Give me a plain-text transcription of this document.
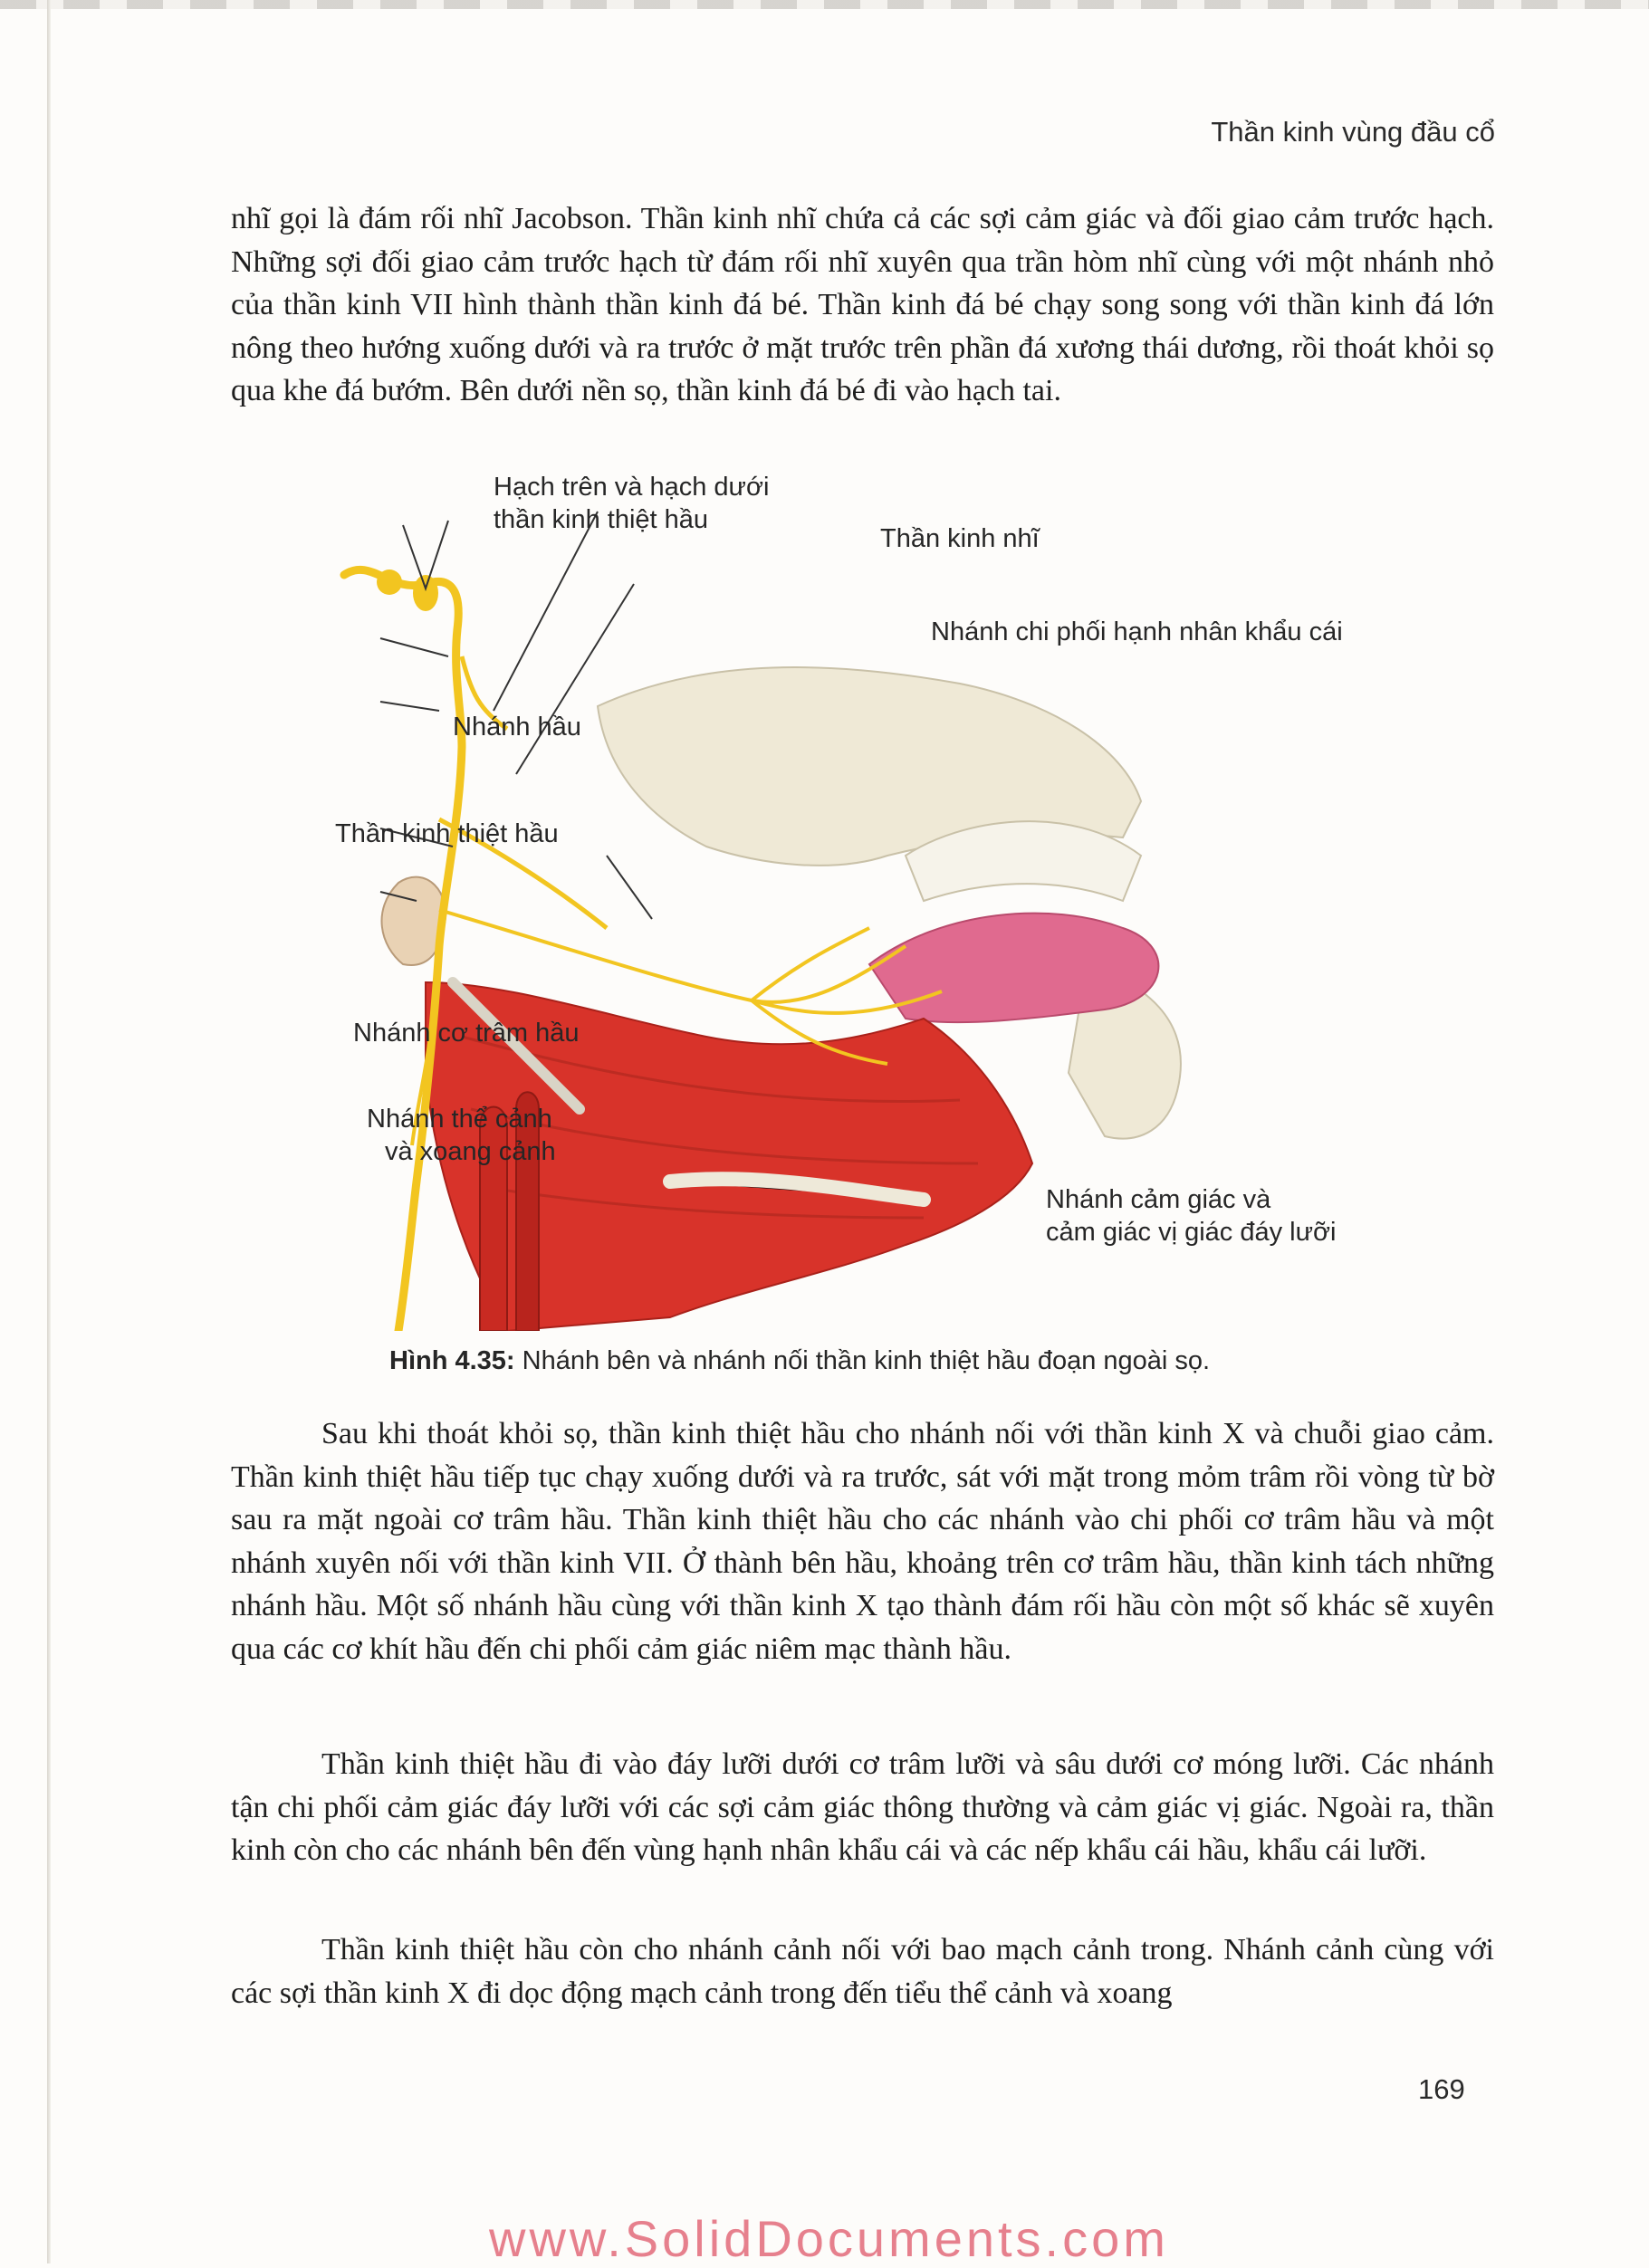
Thần kinh vùng đầu cổ

nhĩ gọi là đám rối nhĩ Jacobson. Thần kinh nhĩ chứa cả các sợi cảm giác và đối giao cảm trước hạch. Những sợi đối giao cảm trước hạch từ đám rối nhĩ xuyên qua trần hòm nhĩ cùng với một nhánh nhỏ của thần kinh VII hình thành thần kinh đá bé. Thần kinh đá bé chạy song song với thần kinh đá lớn nông theo hướng xuống dưới và ra trước ở mặt trước trên phần đá xương thái dương, rồi thoát khỏi sọ qua khe đá bướm. Bên dưới nền sọ, thần kinh đá bé đi vào hạch tai.

Hạch trên và hạch dưới
thần kinh thiệt hầu
Thần kinh nhĩ
Nhánh chi phối hạnh nhân khẩu cái
Nhánh hầu
Thần kinh thiệt hầu
Nhánh cơ trâm hầu
Nhánh thể cảnh
và xoang cảnh
Nhánh cảm giác và
cảm giác vị giác đáy lưỡi
Hình 4.35: Nhánh bên và nhánh nối thần kinh thiệt hầu đoạn ngoài sọ.

Sau khi thoát khỏi sọ, thần kinh thiệt hầu cho nhánh nối với thần kinh X và chuỗi giao cảm. Thần kinh thiệt hầu tiếp tục chạy xuống dưới và ra trước, sát với mặt trong mỏm trâm rồi vòng từ bờ sau ra mặt ngoài cơ trâm hầu. Thần kinh thiệt hầu cho các nhánh vào chi phối cơ trâm hầu và một nhánh xuyên nối với thần kinh VII. Ở thành bên hầu, khoảng trên cơ trâm hầu, thần kinh tách những nhánh hầu. Một số nhánh hầu cùng với thần kinh X tạo thành đám rối hầu còn một số khác sẽ xuyên qua các cơ khít hầu đến chi phối cảm giác niêm mạc thành hầu.

Thần kinh thiệt hầu đi vào đáy lưỡi dưới cơ trâm lưỡi và sâu dưới cơ móng lưỡi. Các nhánh tận chi phối cảm giác đáy lưỡi với các sợi cảm giác thông thường và cảm giác vị giác. Ngoài ra, thần kinh còn cho các nhánh bên đến vùng hạnh nhân khẩu cái và các nếp khẩu cái hầu, khẩu cái lưỡi.

Thần kinh thiệt hầu còn cho nhánh cảnh nối với bao mạch cảnh trong. Nhánh cảnh cùng với các sợi thần kinh X đi dọc động mạch cảnh trong đến tiểu thể cảnh và xoang

169
www.SolidDocuments.com
